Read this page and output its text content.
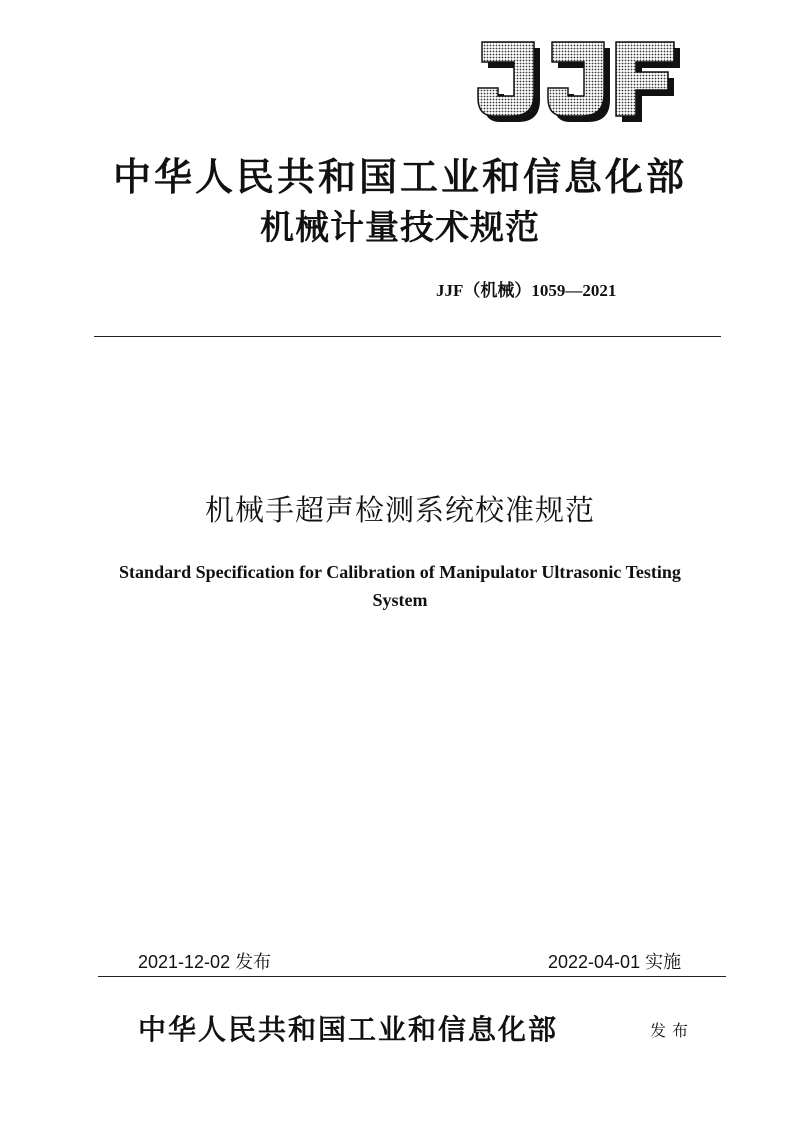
中华人民共和国工业和信息化部
机械计量技术规范
JJF（机械）1059—2021
机械手超声检测系统校准规范
Standard Specification for Calibration of Manipulator Ultrasonic Testing System
2021-12-02 发布	2022-04-01 实施
中华人民共和国工业和信息化部	发布
